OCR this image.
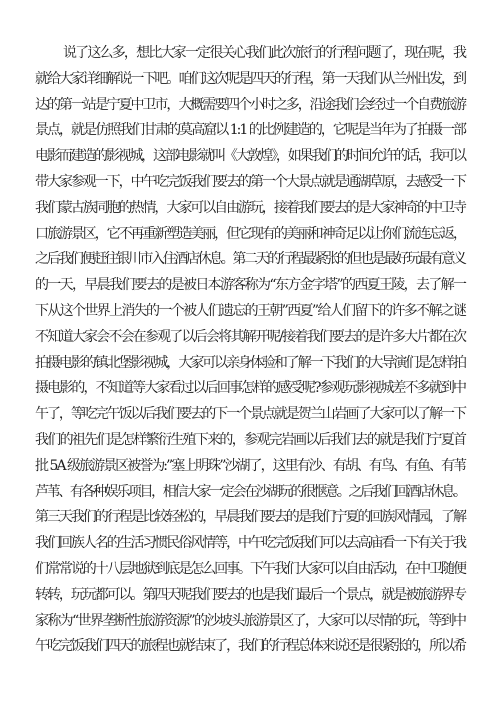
说了这么多，想比大家一定很关心我们此次旅行的行程问题了，现在呢，我
就给大家详细解说一下吧。咱们这次呢是四天的行程，第一天我们从兰州出发，到
达的第一站是宁夏中卫市，大概需要四个小时之多，沿途我们会经过一个自费旅游
景点，就是仿照我们甘肃的莫高窟以 1:1 的比例建造的，它呢是当年为了拍摄一部
电影而建造的影视城，这部电影就叫《大敦煌》，如果我们的时间允许的话，我可以
带大家参观一下，中午吃完饭我们要去的第一个大景点就是通湖草原，去感受一下
我们蒙古族同胞的热情，大家可以自由游玩，接着我们要去的是大家神奇的中卫寺
口旅游景区，它不再重新塑造美丽，但它现有的美丽和神奇足以让你们流连忘返，
之后我们便赶往银川市入住酒店休息。第二天的行程最紧张的但也是最好玩最有意义
的一天，早晨我们要去的是被日本游客称为“东方金字塔”的西夏王陵，去了解一
下从这个世界上消失的一个被人们遗忘的王朝”西夏”给人们留下的许多不解之谜
不知道大家会不会在参观了以后会将其解开呢/接着我们要去的是许多大片都在次
拍摄电影的镇北堡影视城，大家可以亲身体验和了解一下我们的大导演们是怎样拍
摄电影的，不知道等大家看过以后回事怎样的感受呢?参观玩影视城差不多就到中
午了，等吃完午饭以后我们要去的下一个景点就是贺兰山岩画了大家可以了解一下
我们的祖先们是怎样繁衍生殖下来的，参观完岩画以后我们去的就是我们宁夏首
批 5A 级旅游景区被誉为:”塞上明珠”沙湖了，这里有沙、有胡、有鸟、有鱼、有苇
芦苇、有各种娱乐项目，相信大家一定会在沙湖玩的很惬意。之后我们回酒店休息。
第三天我们的行程是比较轻松的，早晨我们要去的是我们宁夏的回族风情园，了解
我们回族人名的生活习惯民俗风情等，中午吃完饭我们可以去高庙看一下有关于我
们常常说的十八层地狱到底是怎么回事。下午我们大家可以自由活动，在中卫随便
转转，玩玩都可以。第四天呢我们要去的也是我们最后一个景点，就是被旅游界专
家称为“世界垄断性旅游资源”的沙坡头旅游景区了，大家可以尽情的玩，等到中
午吃完饭我们四天的旅程也就结束了，我们的行程总体来说还是很紧张的，所以希
